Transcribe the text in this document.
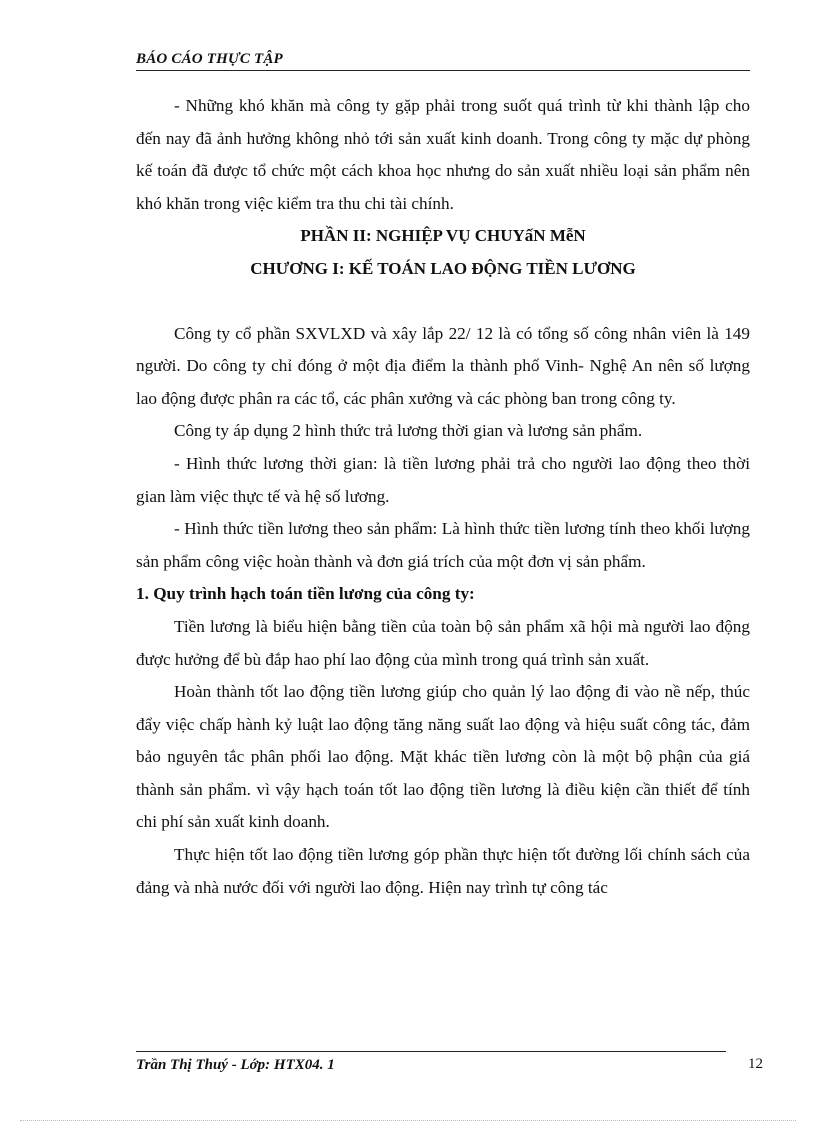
BÁO CÁO THỰC TẬP

- Những khó khăn mà công ty gặp phải trong suốt quá trình từ khi thành lập cho đến nay đã ảnh hưởng không nhỏ tới sản xuất kinh doanh. Trong công ty mặc dự phòng kế toán đã được tổ chức một cách khoa học nhưng do sản xuất nhiều loại sản phẩm nên khó khăn trong việc kiểm tra thu chi tài chính.

PHẦN II: NGHIỆP VỤ CHUYấN MễN

CHƯƠNG I: KẾ TOÁN LAO ĐỘNG TIỀN LƯƠNG

Công ty cổ phần SXVLXD và xây lắp 22/ 12 là có tổng số công nhân viên là 149 người. Do công ty chỉ đóng ở một địa điểm la thành phố Vinh- Nghệ An nên số lượng lao động được phân ra các tổ, các phân xưởng và các phòng ban trong công ty.

Công ty áp dụng 2 hình thức trả lương thời gian và lương sản phẩm.

- Hình thức lương thời gian: là tiền lương phải trả cho người lao động theo thời gian làm việc thực tế và hệ số lương.

- Hình thức tiền lương theo sản phẩm: Là hình thức tiền lương tính theo khối lượng sản phẩm công việc hoàn thành và đơn giá trích của một đơn vị sản phẩm.

1. Quy trình hạch toán tiền lương của công ty:

Tiền lương là biểu hiện bằng tiền của toàn bộ sản phẩm xã hội mà người lao động được hưởng để bù đắp hao phí lao động của mình trong quá trình sản xuất.

Hoàn thành tốt lao động tiền lương giúp cho quản lý lao động đi vào nề nếp, thúc đẩy việc chấp hành kỷ luật lao động tăng năng suất lao động và hiệu suất công tác, đảm bảo nguyên tắc phân phối lao động. Mặt khác tiền lương còn là một bộ phận của giá thành sản phẩm. vì vậy hạch toán tốt lao động tiền lương là điều kiện cần thiết để tính chi phí sản xuất kinh doanh.

Thực hiện tốt lao động tiền lương góp phần thực hiện tốt đường lối chính sách của đảng và nhà nước đối với người lao động. Hiện nay trình tự công tác

Trần Thị Thuý - Lớp: HTX04. 1	12
